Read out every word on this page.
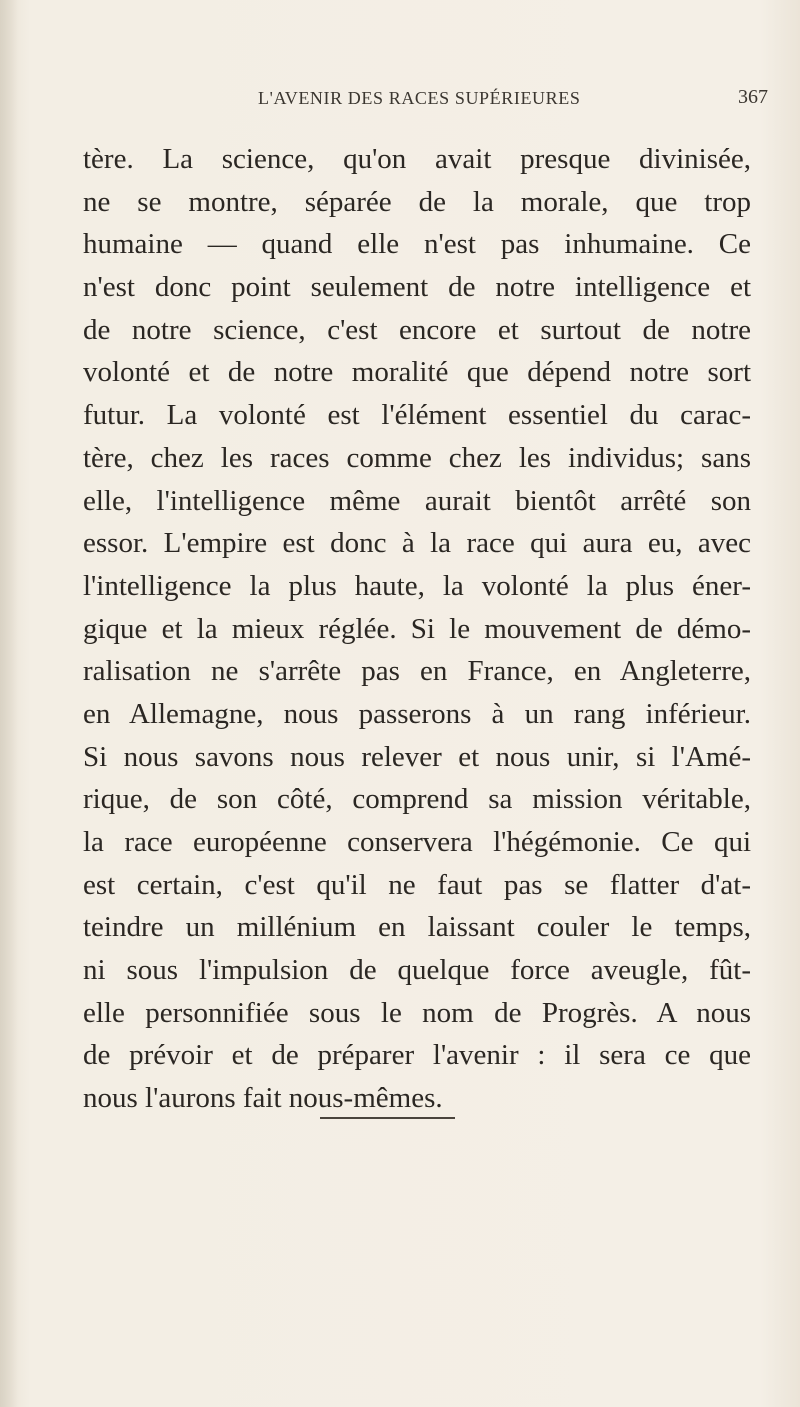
L'AVENIR DES RACES SUPÉRIEURES	367
tère. La science, qu'on avait presque divinisée,
ne se montre, séparée de la morale, que trop
humaine — quand elle n'est pas inhumaine. Ce
n'est donc point seulement de notre intelligence et
de notre science, c'est encore et surtout de notre
volonté et de notre moralité que dépend notre sort
futur. La volonté est l'élément essentiel du carac-
tère, chez les races comme chez les individus; sans
elle, l'intelligence même aurait bientôt arrêté son
essor. L'empire est donc à la race qui aura eu, avec
l'intelligence la plus haute, la volonté la plus éner-
gique et la mieux réglée. Si le mouvement de démo-
ralisation ne s'arrête pas en France, en Angleterre,
en Allemagne, nous passerons à un rang inférieur.
Si nous savons nous relever et nous unir, si l'Amé-
rique, de son côté, comprend sa mission véritable,
la race européenne conservera l'hégémonie. Ce qui
est certain, c'est qu'il ne faut pas se flatter d'at-
teindre un millénium en laissant couler le temps,
ni sous l'impulsion de quelque force aveugle, fût-
elle personnifiée sous le nom de Progrès. A nous
de prévoir et de préparer l'avenir : il sera ce que
nous l'aurons fait nous-mêmes.
